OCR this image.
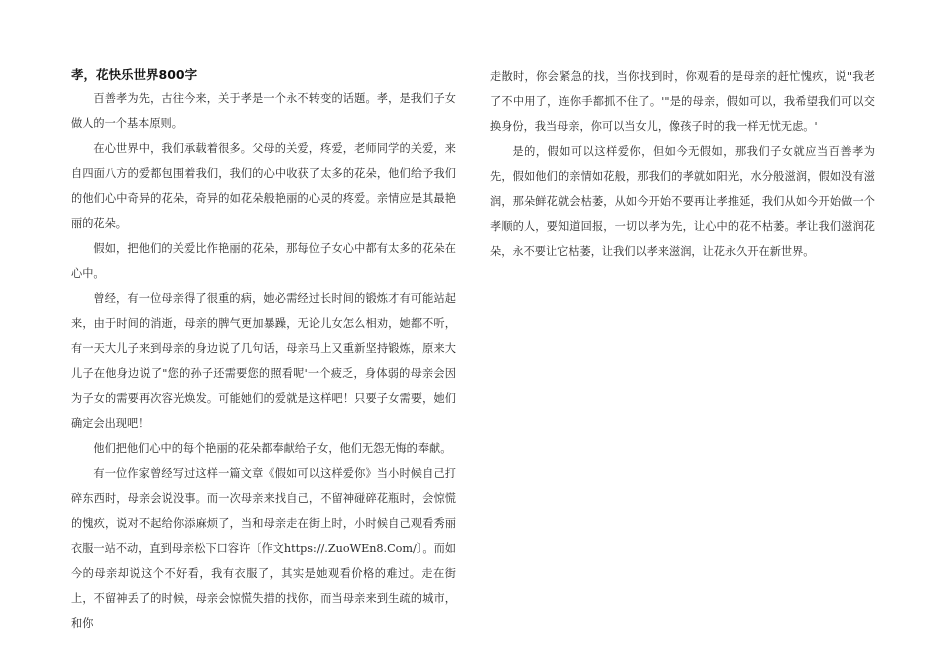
孝，花快乐世界800字

百善孝为先，古往今来，关于孝是一个永不转变的话题。孝，是我们子女做人的一个基本原则。

在心世界中，我们承载着很多。父母的关爱，疼爱，老师同学的关爱，来自四面八方的爱都包围着我们，我们的心中收获了太多的花朵，他们给予我们的他们心中奇异的花朵，奇异的如花朵般艳丽的心灵的疼爱。亲情应是其最艳丽的花朵。

假如，把他们的关爱比作艳丽的花朵，那每位子女心中都有太多的花朵在心中。

曾经，有一位母亲得了很重的病，她必需经过长时间的锻炼才有可能站起来，由于时间的消逝，母亲的脾气更加暴躁，无论儿女怎么相劝，她都不听，有一天大儿子来到母亲的身边说了几句话，母亲马上又重新坚持锻炼，原来大儿子在他身边说了"您的孙子还需要您的照看呢'一个疲乏，身体弱的母亲会因为子女的需要再次容光焕发。可能她们的爱就是这样吧！只要子女需要，她们确定会出现吧！

他们把他们心中的每个艳丽的花朵都奉献给子女，他们无怨无悔的奉献。

有一位作家曾经写过这样一篇文章《假如可以这样爱你》当小时候自己打碎东西时，母亲会说没事。而一次母亲来找自己，不留神碰碎花瓶时，会惊慌的愧疚，说对不起给你添麻烦了，当和母亲走在街上时，小时候自己观看秀丽衣服一站不动，直到母亲松下口容许〔作文https://.ZuoWEn8.Com/〕。而如今的母亲却说这个不好看，我有衣服了，其实是她观看价格的难过。走在街上，不留神丢了的时候，母亲会惊慌失措的找你，而当母亲来到生疏的城市，和你

走散时，你会紧急的找，当你找到时，你观看的是母亲的赶忙愧疚，说"我老了不中用了，连你手都抓不住了。'"是的母亲，假如可以，我希望我们可以交换身份，我当母亲，你可以当女儿，像孩子时的我一样无忧无虑。'

是的，假如可以这样爱你，但如今无假如，那我们子女就应当百善孝为先，假如他们的亲情如花般，那我们的孝就如阳光，水分般滋润，假如没有滋润，那朵鲜花就会枯萎，从如今开始不要再让孝推延，我们从如今开始做一个孝顺的人，要知道回报，一切以孝为先，让心中的花不枯萎。孝让我们滋润花朵，永不要让它枯萎，让我们以孝来滋润，让花永久开在新世界。
